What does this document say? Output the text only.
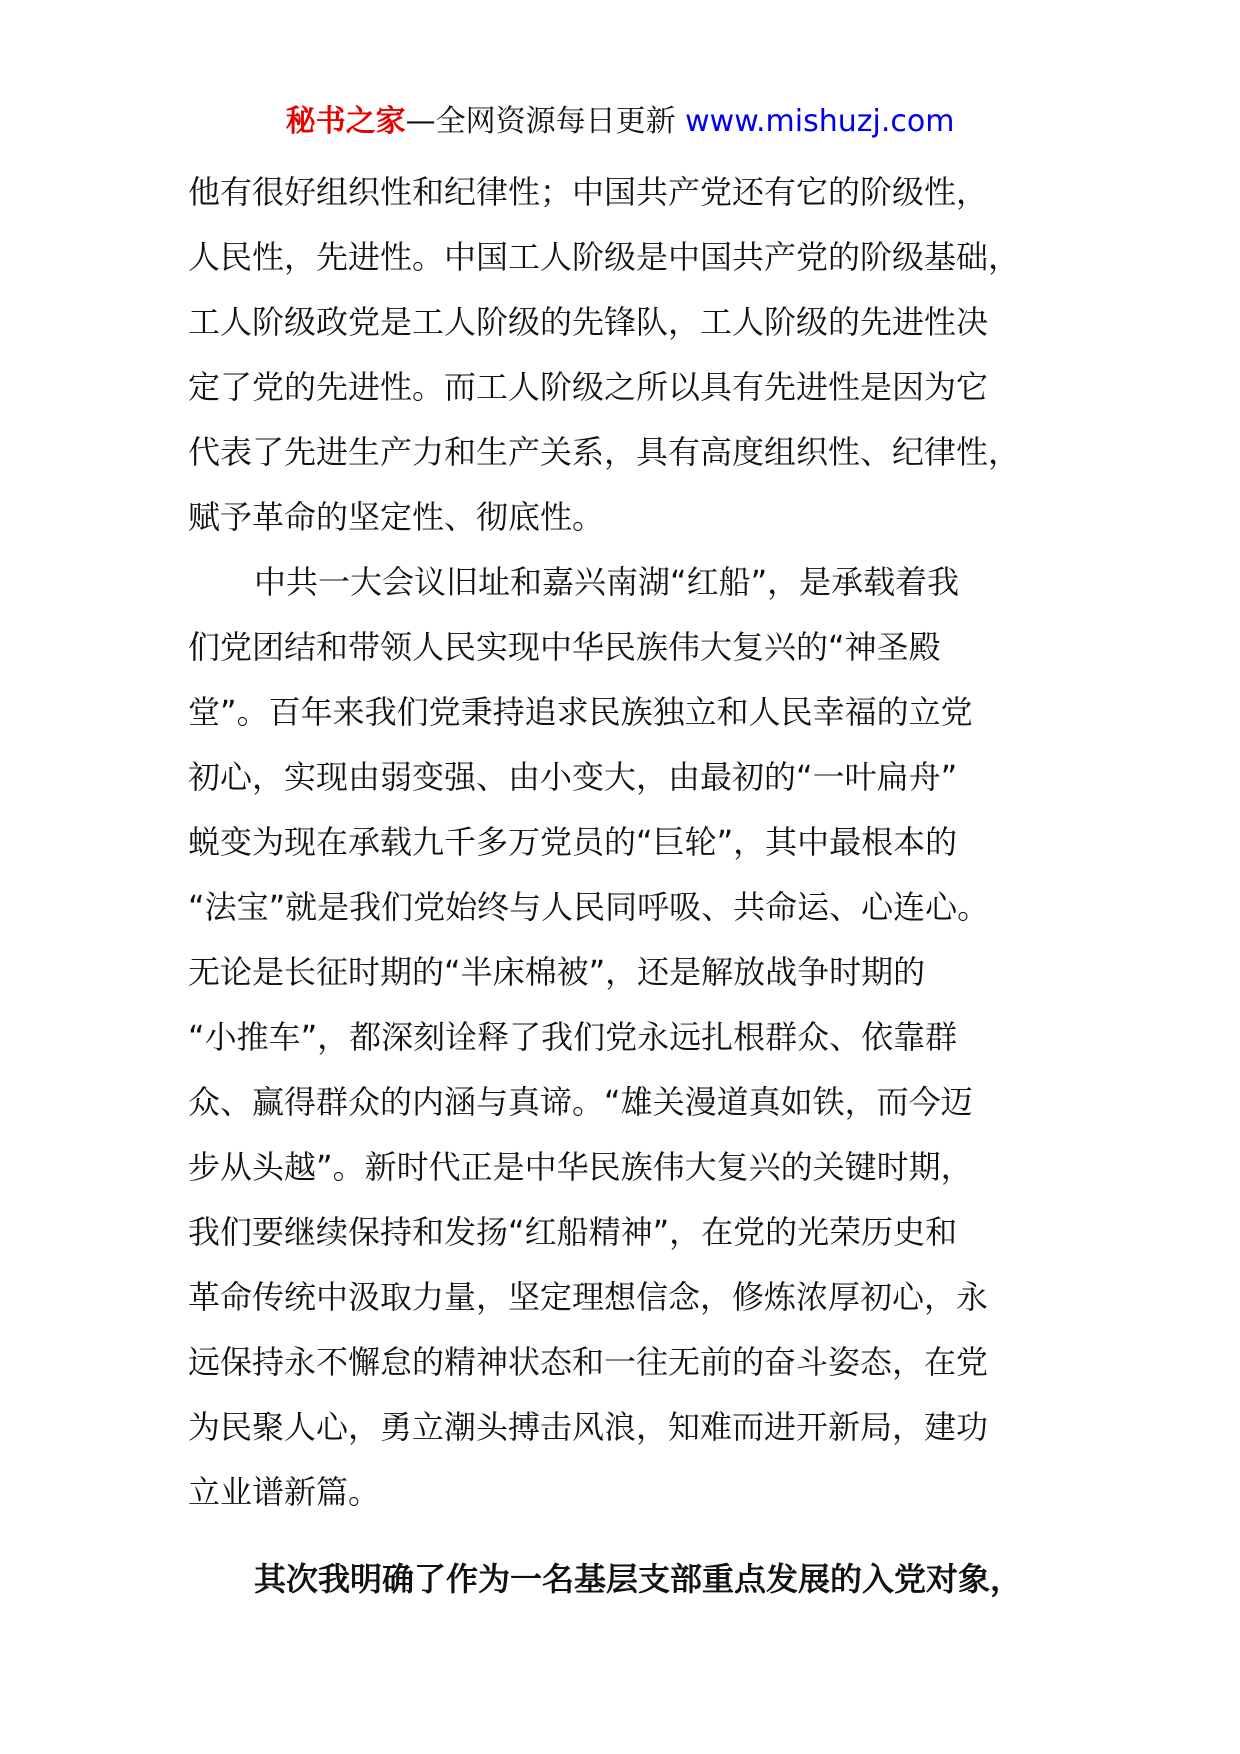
秘书之家—全网资源每日更新 www.mishuzj.com
他有很好组织性和纪律性；中国共产党还有它的阶级性，
人民性，先进性。中国工人阶级是中国共产党的阶级基础，
工人阶级政党是工人阶级的先锋队，工人阶级的先进性决
定了党的先进性。而工人阶级之所以具有先进性是因为它
代表了先进生产力和生产关系，具有高度组织性、纪律性，
赋予革命的坚定性、彻底性。
中共一大会议旧址和嘉兴南湖“红船”，是承载着我
们党团结和带领人民实现中华民族伟大复兴的“神圣殿
堂”。百年来我们党秉持追求民族独立和人民幸福的立党
初心，实现由弱变强、由小变大，由最初的“一叶扁舟”
蜕变为现在承载九千多万党员的“巨轮”，其中最根本的
“法宝”就是我们党始终与人民同呼吸、共命运、心连心。
无论是长征时期的“半床棉被”，还是解放战争时期的
“小推车”，都深刻诠释了我们党永远扎根群众、依靠群
众、赢得群众的内涵与真谛。“雄关漫道真如铁，而今迈
步从头越”。新时代正是中华民族伟大复兴的关键时期，
我们要继续保持和发扬“红船精神”，在党的光荣历史和
革命传统中汲取力量，坚定理想信念，修炼浓厚初心，永
远保持永不懈怠的精神状态和一往无前的奋斗姿态，在党
为民聚人心，勇立潮头搏击风浪，知难而进开新局，建功
立业谱新篇。
其次我明确了作为一名基层支部重点发展的入党对象，
